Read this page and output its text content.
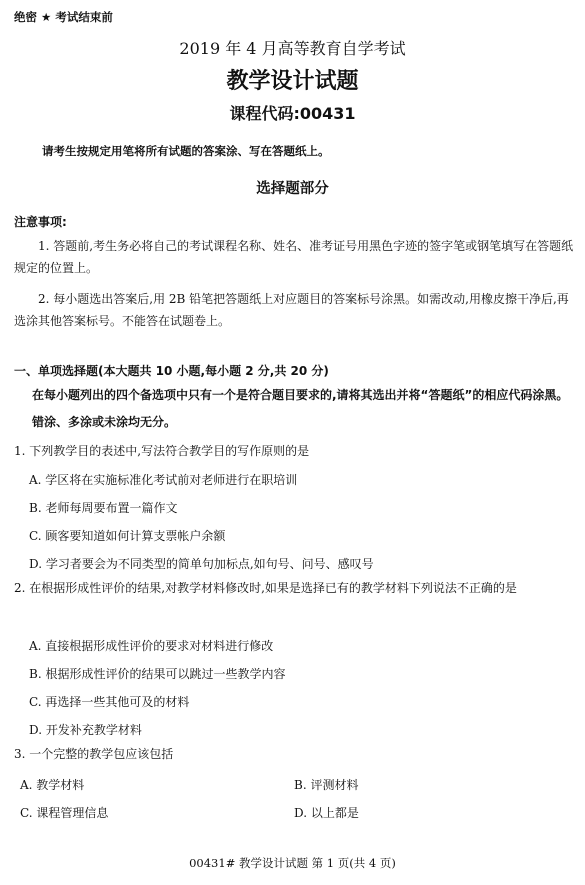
绝密 ★ 考试结束前
2019 年 4 月高等教育自学考试
教学设计试题
课程代码:00431
请考生按规定用笔将所有试题的答案涂、写在答题纸上。
选择题部分
注意事项:
1. 答题前,考生务必将自己的考试课程名称、姓名、准考证号用黑色字迹的签字笔或钢笔填写在答题纸规定的位置上。
2. 每小题选出答案后,用 2B 铅笔把答题纸上对应题目的答案标号涂黑。如需改动,用橡皮擦干净后,再选涂其他答案标号。不能答在试题卷上。
一、单项选择题(本大题共 10 小题,每小题 2 分,共 20 分)
在每小题列出的四个备选项中只有一个是符合题目要求的,请将其选出并将“答题纸”的相应代码涂黑。错涂、多涂或未涂均无分。
1. 下列教学目的表述中,写法符合教学目的写作原则的是
A. 学区将在实施标准化考试前对老师进行在职培训
B. 老师每周要布置一篇作文
C. 顾客要知道如何计算支票帐户余额
D. 学习者要会为不同类型的简单句加标点,如句号、问号、感叹号
2. 在根据形成性评价的结果,对教学材料修改时,如果是选择已有的教学材料下列说法不正确的是
A. 直接根据形成性评价的要求对材料进行修改
B. 根据形成性评价的结果可以跳过一些教学内容
C. 再选择一些其他可及的材料
D. 开发补充教学材料
3. 一个完整的教学包应该包括
A. 教学材料	B. 评测材料
C. 课程管理信息	D. 以上都是
00431# 教学设计试题 第 1 页(共 4 页)
